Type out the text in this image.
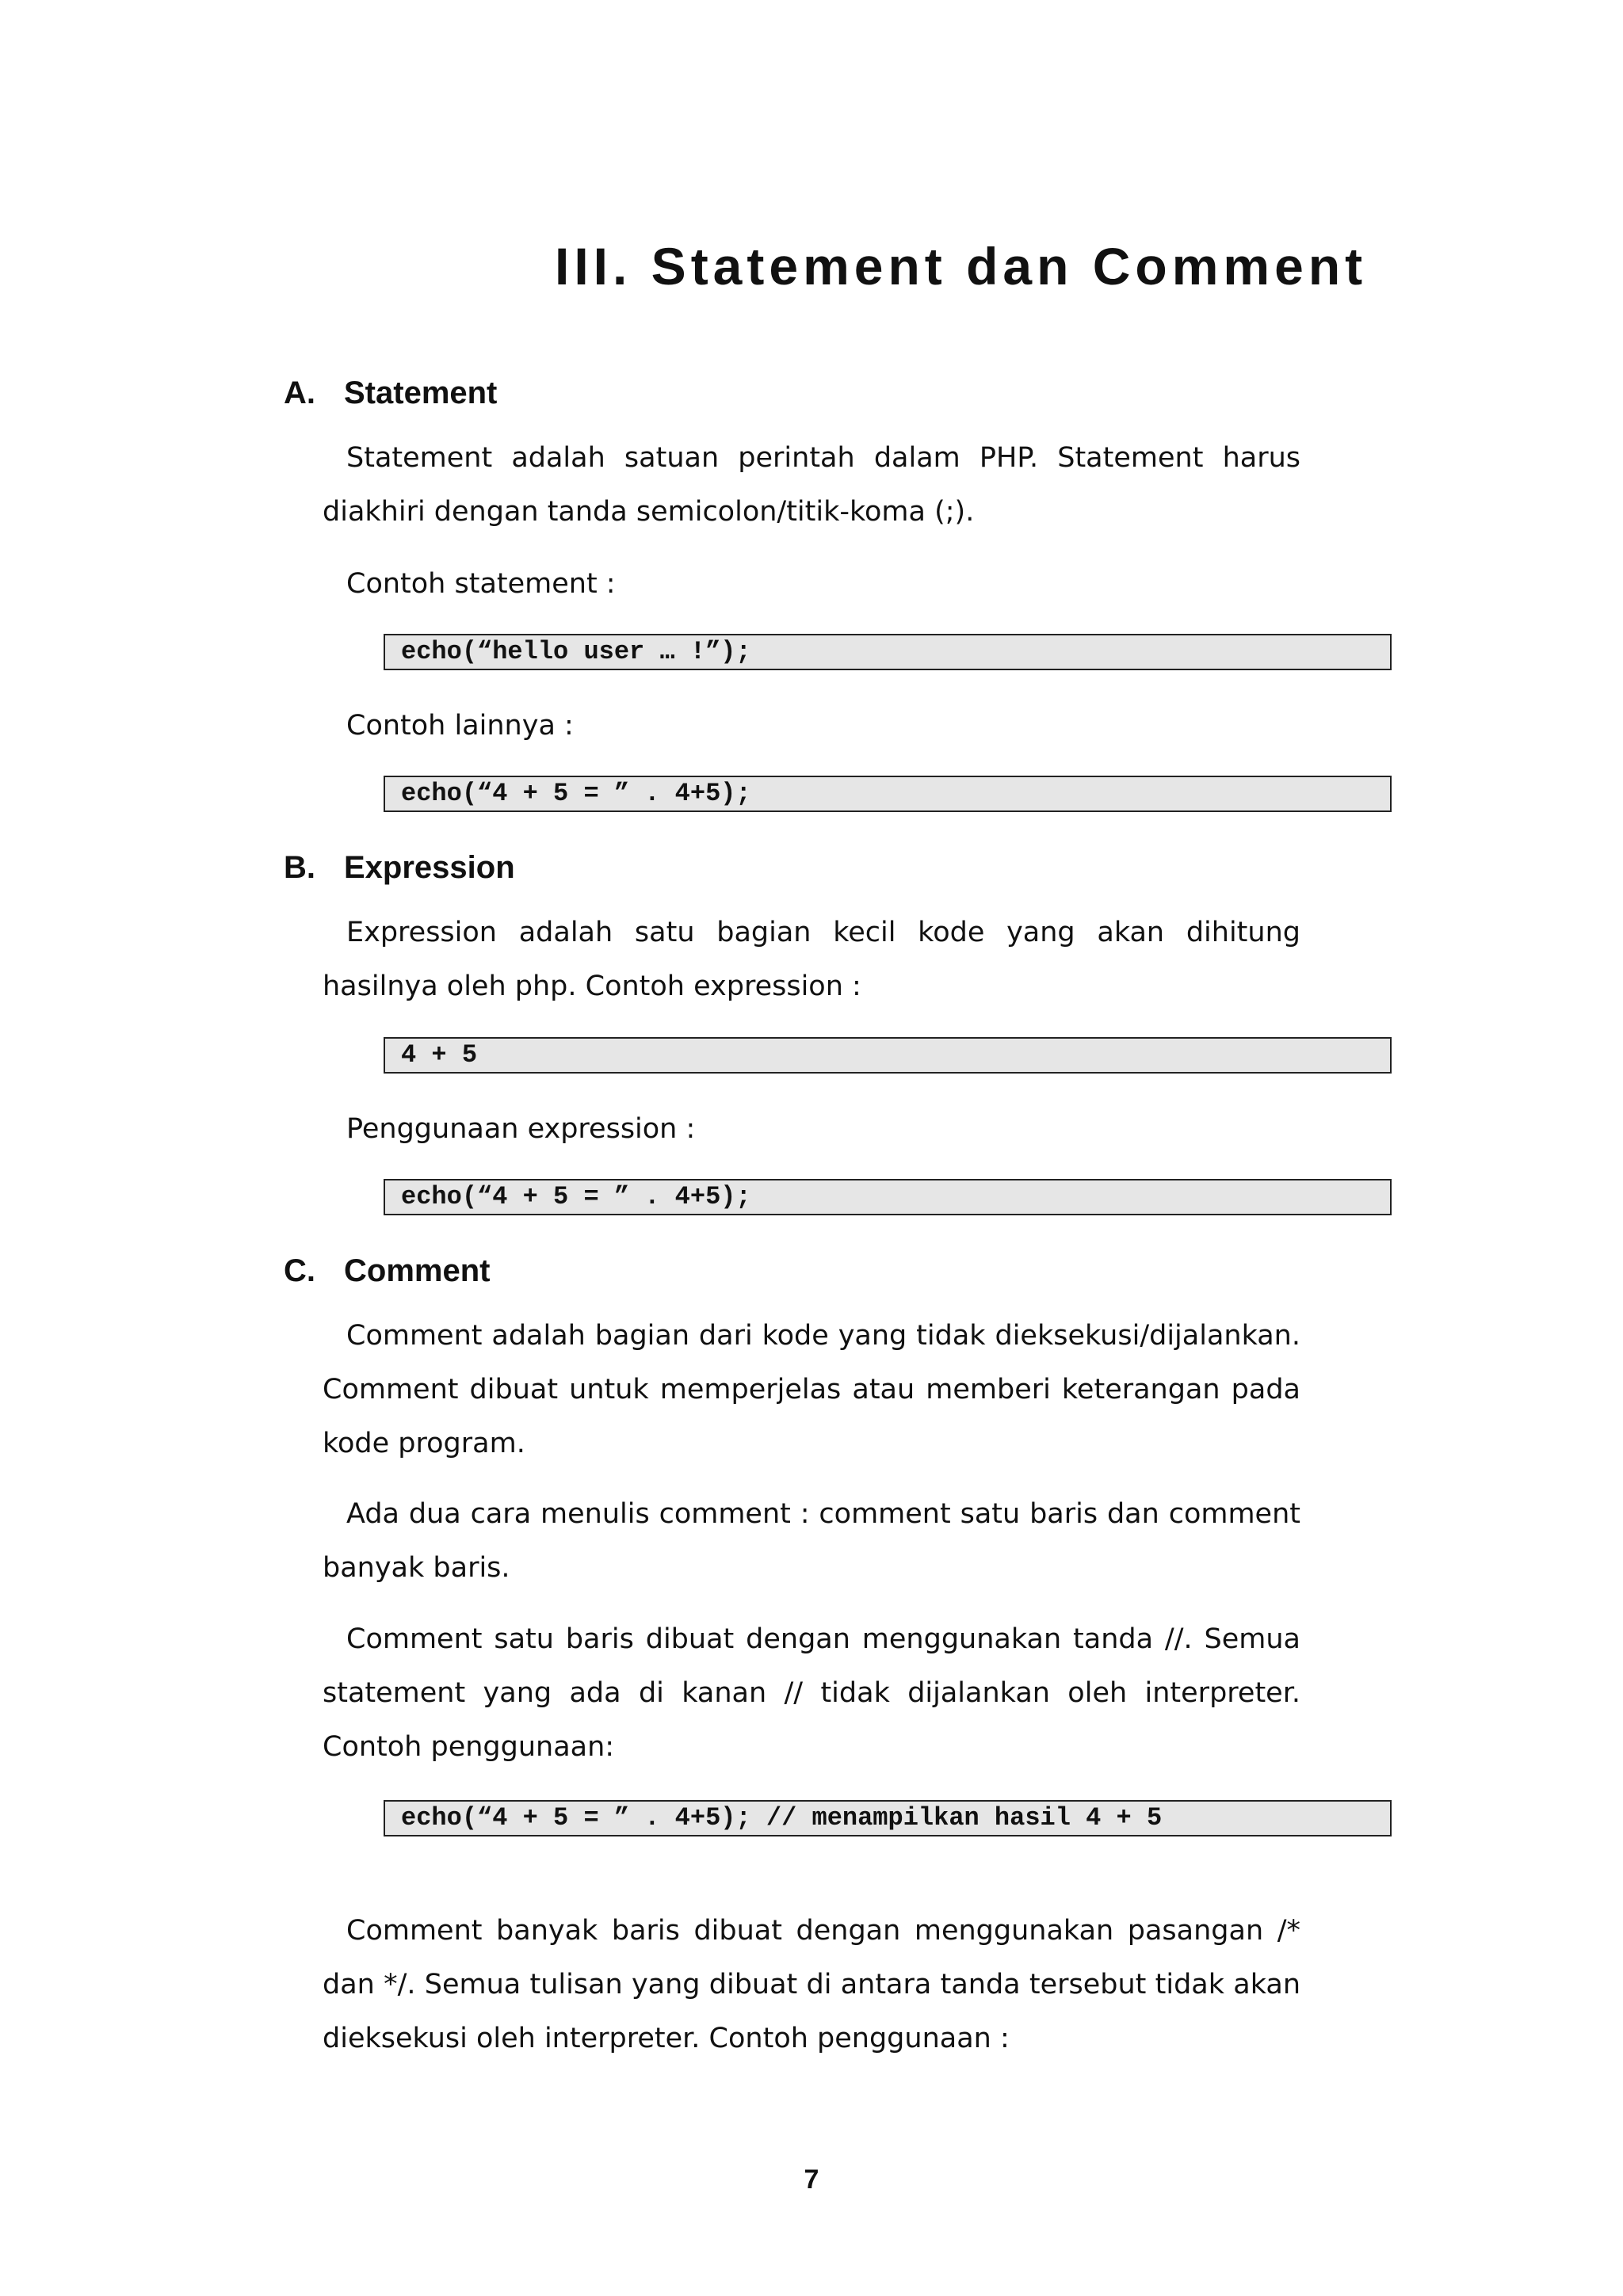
III. Statement dan Comment
A. Statement

Statement adalah satuan perintah dalam PHP. Statement harus diakhiri dengan tanda semicolon/titik-koma (;).

Contoh statement :

echo(“hello user … !”);

Contoh lainnya :

echo(“4 + 5 = ” . 4+5);
B. Expression

Expression adalah satu bagian kecil kode yang akan dihitung hasilnya oleh php. Contoh expression :

4 + 5

Penggunaan expression :

echo(“4 + 5 = ” . 4+5);
C. Comment

Comment adalah bagian dari kode yang tidak dieksekusi/dijalankan. Comment dibuat untuk memperjelas atau memberi keterangan pada kode program.

Ada dua cara menulis comment : comment satu baris dan comment banyak baris.

Comment satu baris dibuat dengan menggunakan tanda //. Semua statement yang ada di kanan // tidak dijalankan oleh interpreter. Contoh penggunaan:

echo(“4 + 5 = ” . 4+5); // menampilkan hasil 4 + 5

Comment banyak baris dibuat dengan menggunakan pasangan /* dan */. Semua tulisan yang dibuat di antara tanda tersebut tidak akan dieksekusi oleh interpreter. Contoh penggunaan :

7
